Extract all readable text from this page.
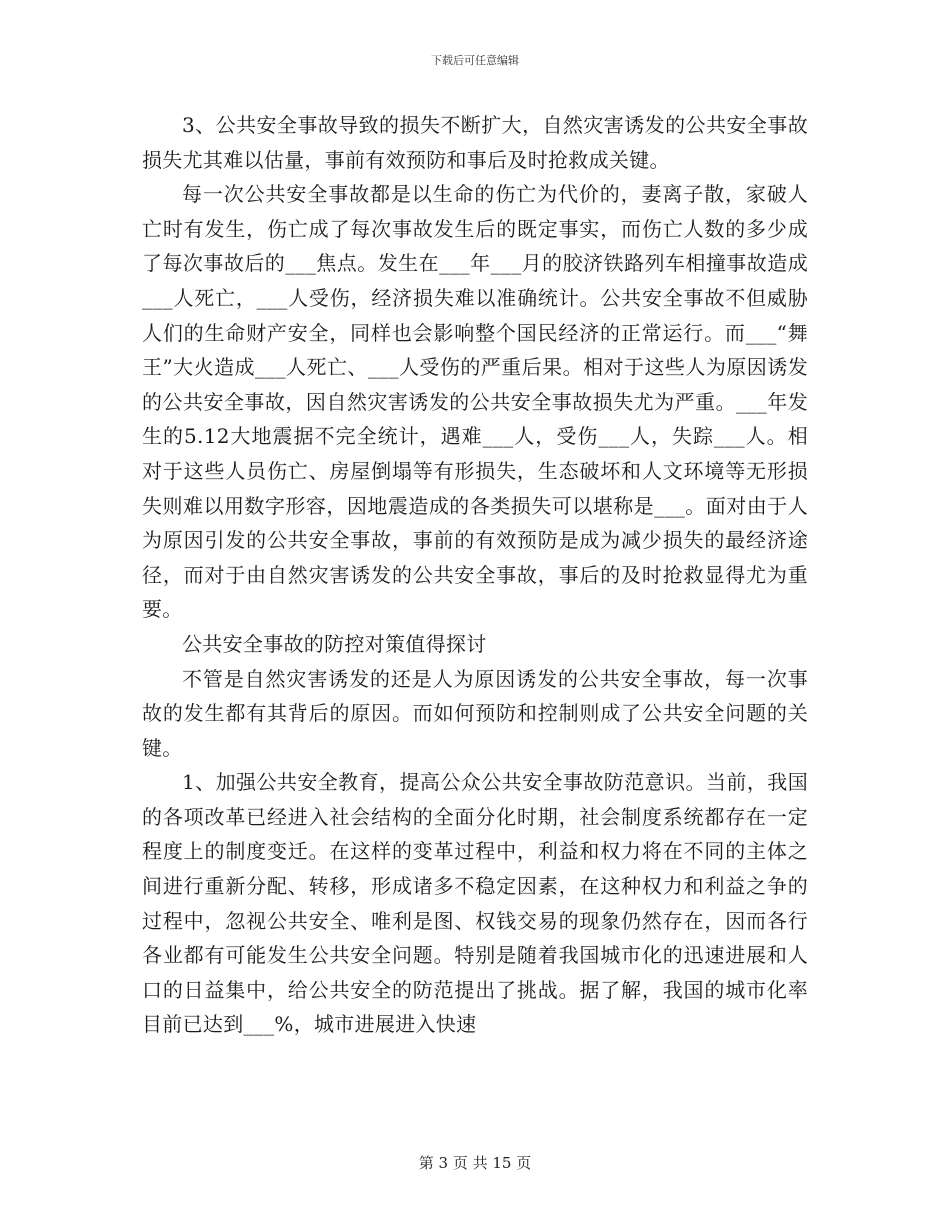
下载后可任意编辑

3、公共安全事故导致的损失不断扩大，自然灾害诱发的公共安全事故损失尤其难以估量，事前有效预防和事后及时抢救成关键。

每一次公共安全事故都是以生命的伤亡为代价的，妻离子散，家破人亡时有发生，伤亡成了每次事故发生后的既定事实，而伤亡人数的多少成了每次事故后的___焦点。发生在___年___月的胶济铁路列车相撞事故造成___人死亡，___人受伤，经济损失难以准确统计。公共安全事故不但威胁人们的生命财产安全，同样也会影响整个国民经济的正常运行。而___“舞王”大火造成___人死亡、___人受伤的严重后果。相对于这些人为原因诱发的公共安全事故，因自然灾害诱发的公共安全事故损失尤为严重。___年发生的5.12大地震据不完全统计，遇难___人，受伤___人，失踪___人。相对于这些人员伤亡、房屋倒塌等有形损失，生态破坏和人文环境等无形损失则难以用数字形容，因地震造成的各类损失可以堪称是___。面对由于人为原因引发的公共安全事故，事前的有效预防是成为减少损失的最经济途径，而对于由自然灾害诱发的公共安全事故，事后的及时抢救显得尤为重要。

公共安全事故的防控对策值得探讨

不管是自然灾害诱发的还是人为原因诱发的公共安全事故，每一次事故的发生都有其背后的原因。而如何预防和控制则成了公共安全问题的关键。

1、加强公共安全教育，提高公众公共安全事故防范意识。当前，我国的各项改革已经进入社会结构的全面分化时期，社会制度系统都存在一定程度上的制度变迁。在这样的变革过程中，利益和权力将在不同的主体之间进行重新分配、转移，形成诸多不稳定因素，在这种权力和利益之争的过程中，忽视公共安全、唯利是图、权钱交易的现象仍然存在，因而各行各业都有可能发生公共安全问题。特别是随着我国城市化的迅速进展和人口的日益集中，给公共安全的防范提出了挑战。据了解，我国的城市化率目前已达到___%，城市进展进入快速

第 3 页 共 15 页
